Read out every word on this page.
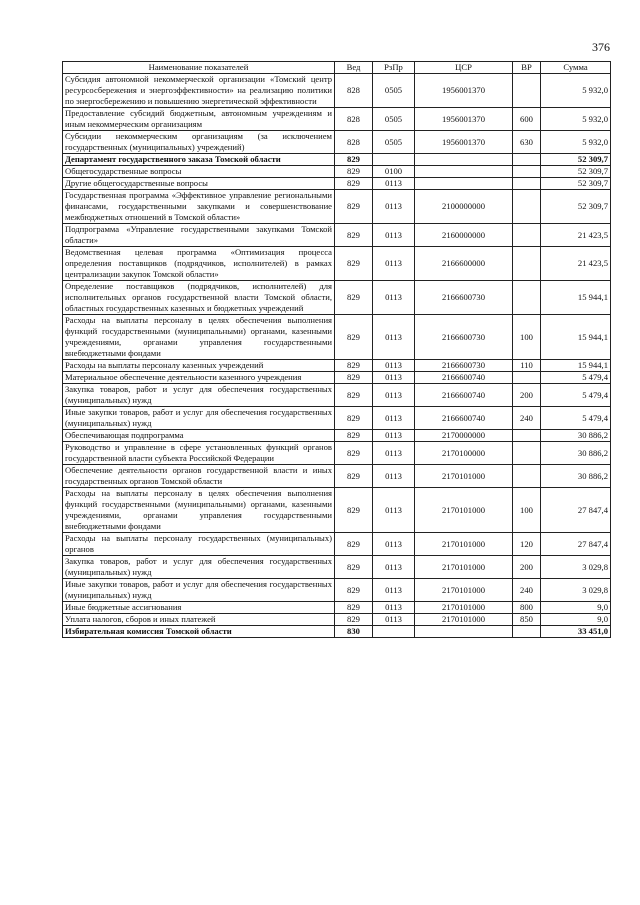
376
Наименование показателей	Вед	РзПр	ЦСР	ВР	Сумма
Субсидия автономной некоммерческой организации «Томский центр ресурсосбережения и энергоэффективности» на реализацию политики по энергосбережению и повышению энергетической эффективности	828	0505	1956001370		5 932,0
Предоставление субсидий бюджетным, автономным учреждениям и иным некоммерческим организациям	828	0505	1956001370	600	5 932,0
Субсидии некоммерческим организациям (за исключением государственных (муниципальных) учреждений)	828	0505	1956001370	630	5 932,0
Департамент государственного заказа Томской области	829				52 309,7
Общегосударственные вопросы	829	0100			52 309,7
Другие общегосударственные вопросы	829	0113			52 309,7
Государственная программа «Эффективное управление региональными финансами, государственными закупками и совершенствование межбюджетных отношений в Томской области»	829	0113	2100000000		52 309,7
Подпрограмма «Управление государственными закупками Томской области»	829	0113	2160000000		21 423,5
Ведомственная целевая программа «Оптимизация процесса определения поставщиков (подрядчиков, исполнителей) в рамках централизации закупок Томской области»	829	0113	2166600000		21 423,5
Определение поставщиков (подрядчиков, исполнителей) для исполнительных органов государственной власти Томской области, областных государственных казенных и бюджетных учреждений	829	0113	2166600730		15 944,1
Расходы на выплаты персоналу в целях обеспечения выполнения функций государственными (муниципальными) органами, казенными учреждениями, органами управления государственными внебюджетными фондами	829	0113	2166600730	100	15 944,1
Расходы на выплаты персоналу казенных учреждений	829	0113	2166600730	110	15 944,1
Материальное обеспечение деятельности казенного учреждения	829	0113	2166600740		5 479,4
Закупка товаров, работ и услуг для обеспечения государственных (муниципальных) нужд	829	0113	2166600740	200	5 479,4
Иные закупки товаров, работ и услуг для обеспечения государственных (муниципальных) нужд	829	0113	2166600740	240	5 479,4
Обеспечивающая подпрограмма	829	0113	2170000000		30 886,2
Руководство и управление в сфере установленных функций органов государственной власти субъекта Российской Федерации	829	0113	2170100000		30 886,2
Обеспечение деятельности органов государственной власти и иных государственных органов Томской области	829	0113	2170101000		30 886,2
Расходы на выплаты персоналу в целях обеспечения выполнения функций государственными (муниципальными) органами, казенными учреждениями, органами управления государственными внебюджетными фондами	829	0113	2170101000	100	27 847,4
Расходы на выплаты персоналу государственных (муниципальных) органов	829	0113	2170101000	120	27 847,4
Закупка товаров, работ и услуг для обеспечения государственных (муниципальных) нужд	829	0113	2170101000	200	3 029,8
Иные закупки товаров, работ и услуг для обеспечения государственных (муниципальных) нужд	829	0113	2170101000	240	3 029,8
Иные бюджетные ассигнования	829	0113	2170101000	800	9,0
Уплата налогов, сборов и иных платежей	829	0113	2170101000	850	9,0
Избирательная комиссия Томской области	830				33 451,0
